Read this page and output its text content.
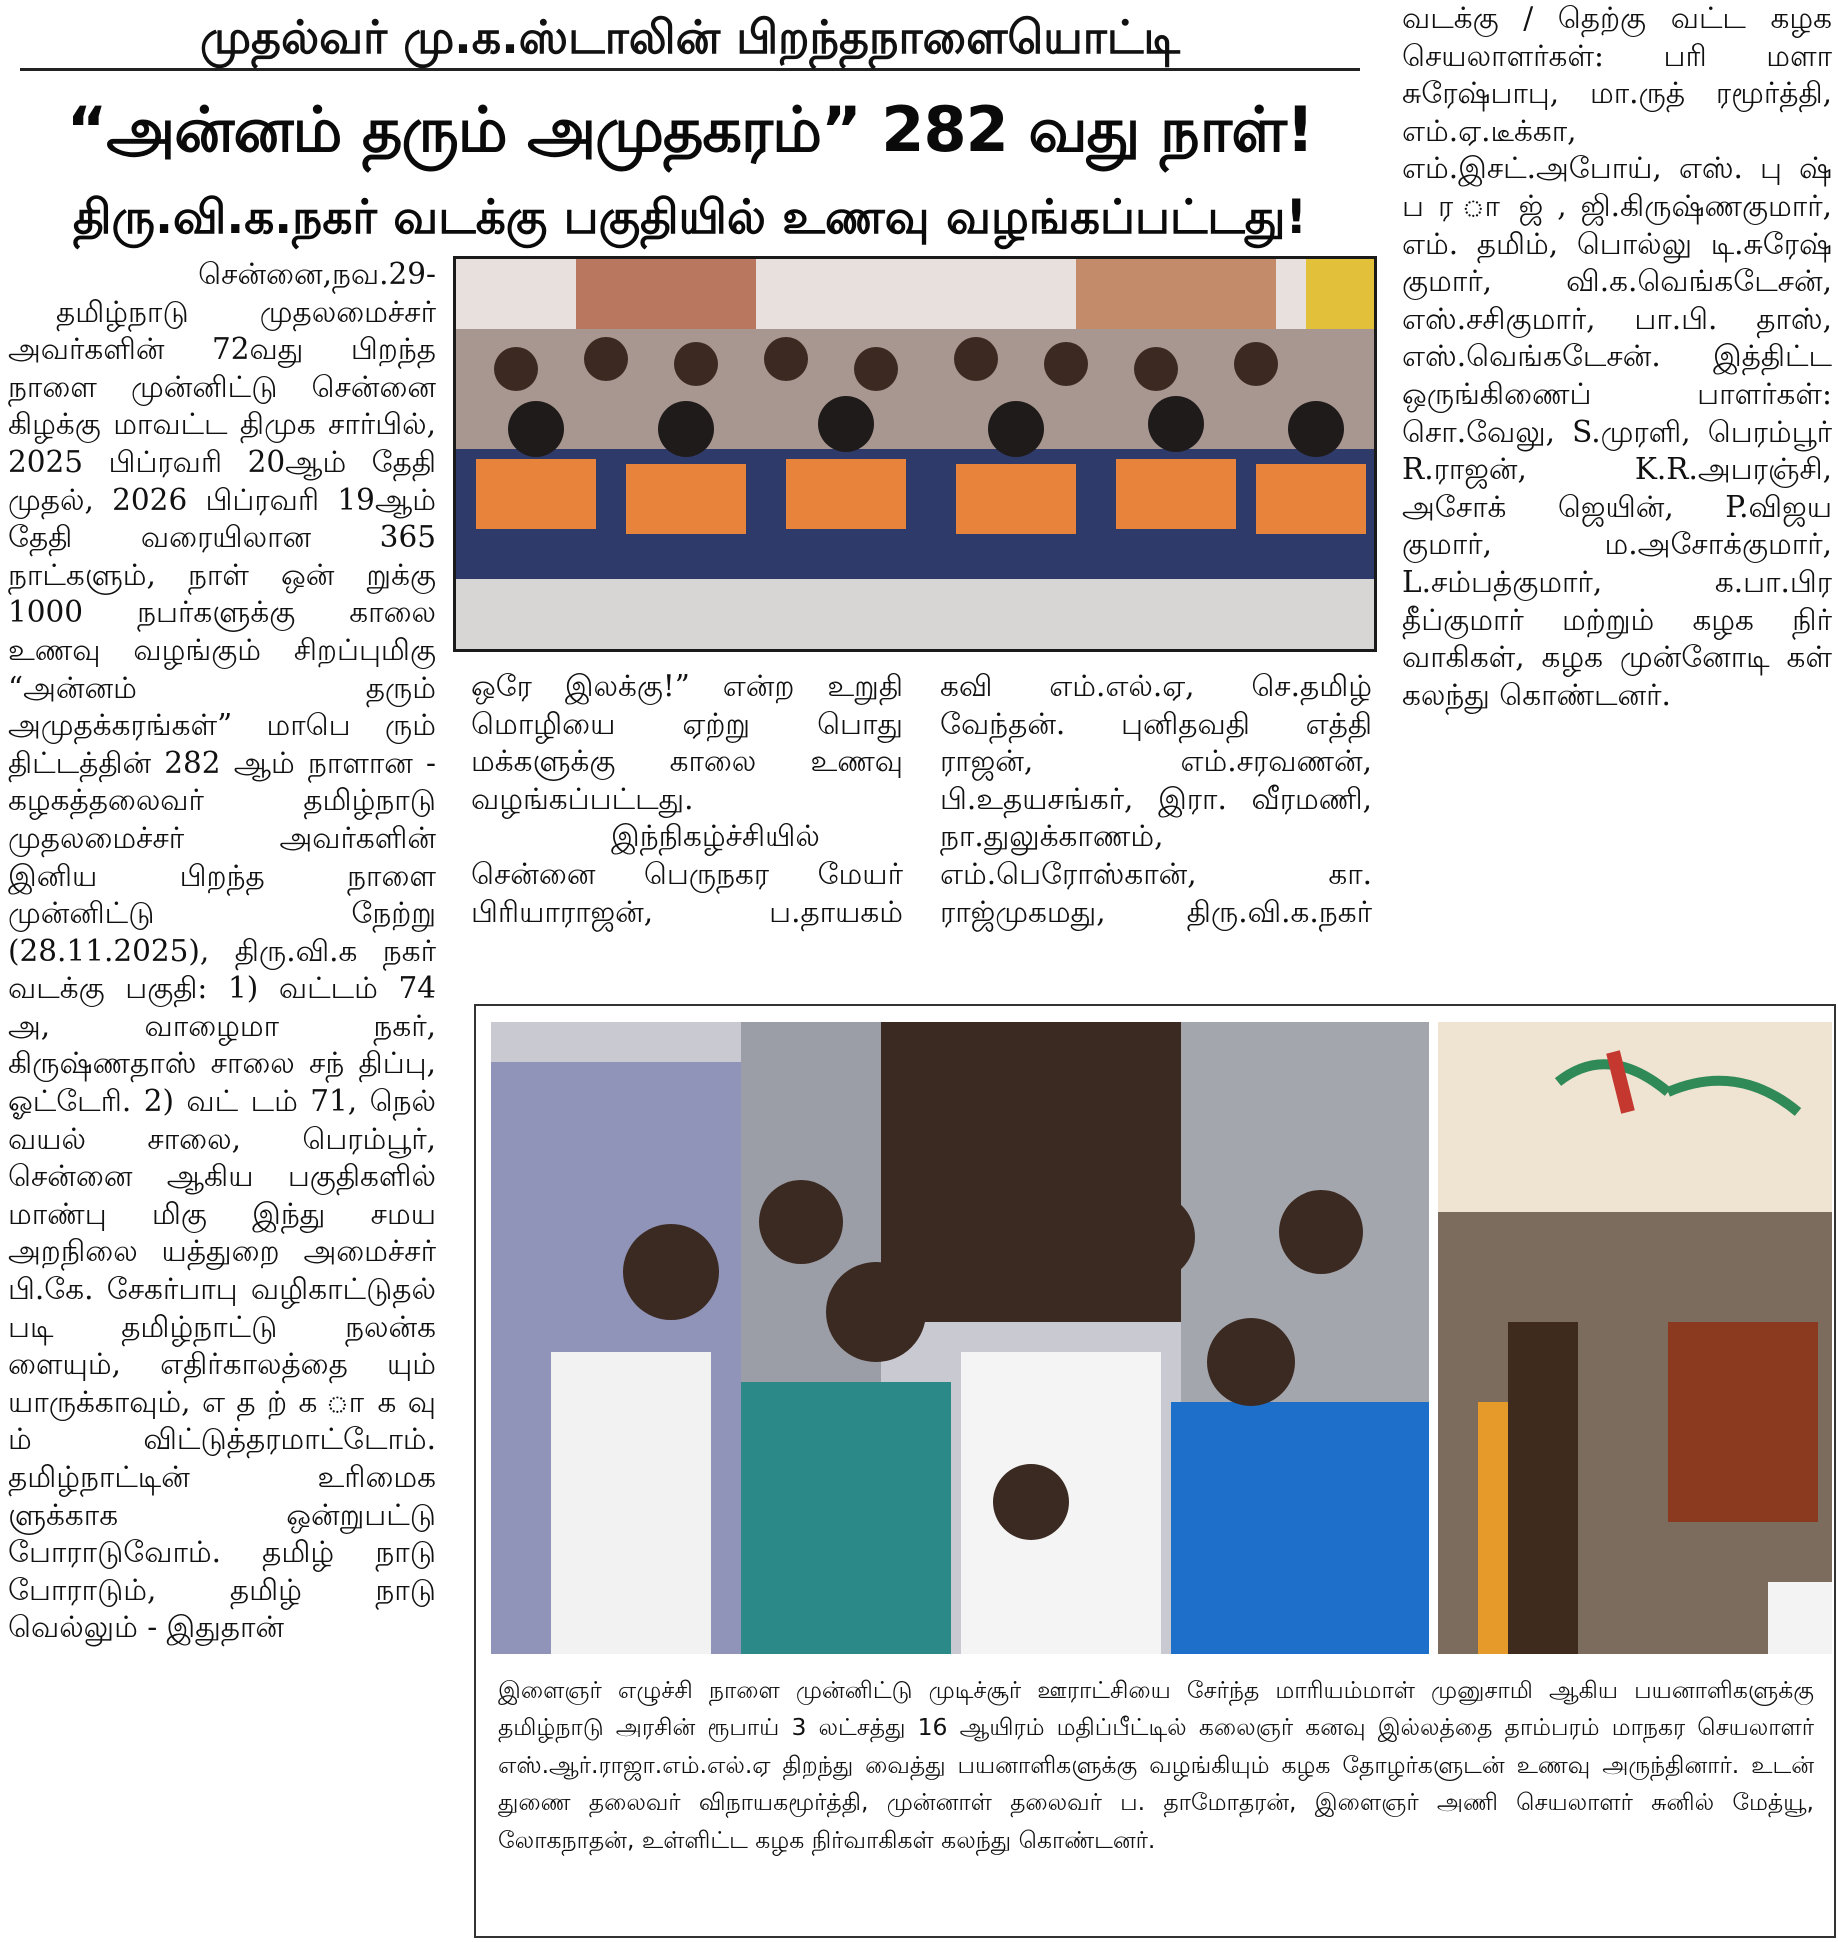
முதல்வர் மு.க.ஸ்டாலின் பிறந்தநாளையொட்டி
“அன்னம் தரும் அமுதகரம்” 282 வது நாள்!
திரு.வி.க.நகர் வடக்கு பகுதியில் உணவு வழங்கப்பட்டது!

சென்னை,நவ.29-

தமிழ்நாடு முதலமைச்சர் அவர்களின் 72வது பிறந்த நாளை முன்னிட்டு சென்னை கிழக்கு மாவட்ட திமுக சார்பில், 2025 பிப்ரவரி 20ஆம் தேதி முதல், 2026 பிப்ரவரி 19ஆம் தேதி வரையிலான 365 நாட்களும், நாள் ஒன் றுக்கு 1000 நபர்களுக்கு காலை உணவு வழங்கும் சிறப்புமிகு “அன்னம் தரும் அமுதக்கரங்கள்” மாபெ ரும் திட்டத்தின் 282 ஆம் நாளான - கழகத்தலைவர் தமிழ்நாடு முதலமைச்சர் அவர்களின் இனிய பிறந்த நாளை முன்னிட்டு நேற்று (28.11.2025), திரு.வி.க நகர் வடக்கு பகுதி: 1) வட்டம் 74 அ, வாழைமா நகர், கிருஷ்ணதாஸ் சாலை சந் திப்பு, ஓட்டேரி. 2) வட் டம் 71, நெல் வயல் சாலை, பெரம்பூர், சென்னை ஆகிய பகுதிகளில் மாண்பு மிகு இந்து சமய அறநிலை யத்துறை அமைச்சர் பி.கே. சேகர்பாபு வழிகாட்டுதல் படி தமிழ்நாட்டு நலன்க ளையும், எதிர்காலத்தை யும் யாருக்காவும், எ த ற் க ா க வு ம் விட்டுத்தரமாட்டோம். தமிழ்நாட்டின் உரிமைக ளுக்காக ஒன்றுபட்டு போராடுவோம். தமிழ் நாடு போராடும், தமிழ் நாடு வெல்லும் - இதுதான்

ஒரே இலக்கு!” என்ற உறுதி மொழியை ஏற்று பொது மக்களுக்கு காலை உணவு வழங்கப்பட்டது.

இந்நிகழ்ச்சியில் சென்னை பெருநகர மேயர் பிரியாராஜன், ப.தாயகம்

கவி எம்.எல்.ஏ, செ.தமிழ் வேந்தன். புனிதவதி எத்தி ராஜன், எம்.சரவணன், பி.உதயசங்கர், இரா. வீரமணி, நா.துலுக்காணம், எம்.பெரோஸ்கான், கா. ராஜ்முகமது, திரு.வி.க.நகர்

வடக்கு / தெற்கு வட்ட கழக செயலாளர்கள்: பரி மளா சுரேஷ்பாபு, மா.ருத் ரமூர்த்தி, எம்.ஏ.டீக்கா, எம்.இசட்.அபோய், எஸ். பு ஷ் ப ர ா ஜ் , ஜி.கிருஷ்ணகுமார், எம். தமிம், பொல்லு டி.சுரேஷ் குமார், வி.க.வெங்கடேசன், எஸ்.சசிகுமார், பா.பி. தாஸ், எஸ்.வெங்கடேசன். இத்திட்ட ஒருங்கிணைப் பாளர்கள்: சொ.வேலு, S.முரளி, பெரம்பூர் R.ராஜன், K.R.அபரஞ்சி, அசோக் ஜெயின், P.விஜய குமார், ம.அசோக்குமார், L.சம்பத்குமார், க.பா.பிர தீப்குமார் மற்றும் கழக நிர் வாகிகள், கழக முன்னோடி கள் கலந்து கொண்டனர்.

இளைஞர் எழுச்சி நாளை முன்னிட்டு முடிச்சூர் ஊராட்சியை சேர்ந்த மாரியம்மாள் முனுசாமி ஆகிய பயனாளிகளுக்கு தமிழ்நாடு அரசின் ரூபாய் 3 லட்சத்து 16 ஆயிரம் மதிப்பீட்டில் கலைஞர் கனவு இல்லத்தை தாம்பரம் மாநகர செயலாளர் எஸ்.ஆர்.ராஜா.எம்.எல்.ஏ திறந்து வைத்து பயனாளிகளுக்கு வழங்கியும் கழக தோழர்களுடன் உணவு அருந்தினார். உடன் துணை தலைவர் விநாயகமூர்த்தி, முன்னாள் தலைவர் ப. தாமோதரன், இளைஞர் அணி செயலாளர் சுனில் மேத்யூ, லோகநாதன், உள்ளிட்ட கழக நிர்வாகிகள் கலந்து கொண்டனர்.
